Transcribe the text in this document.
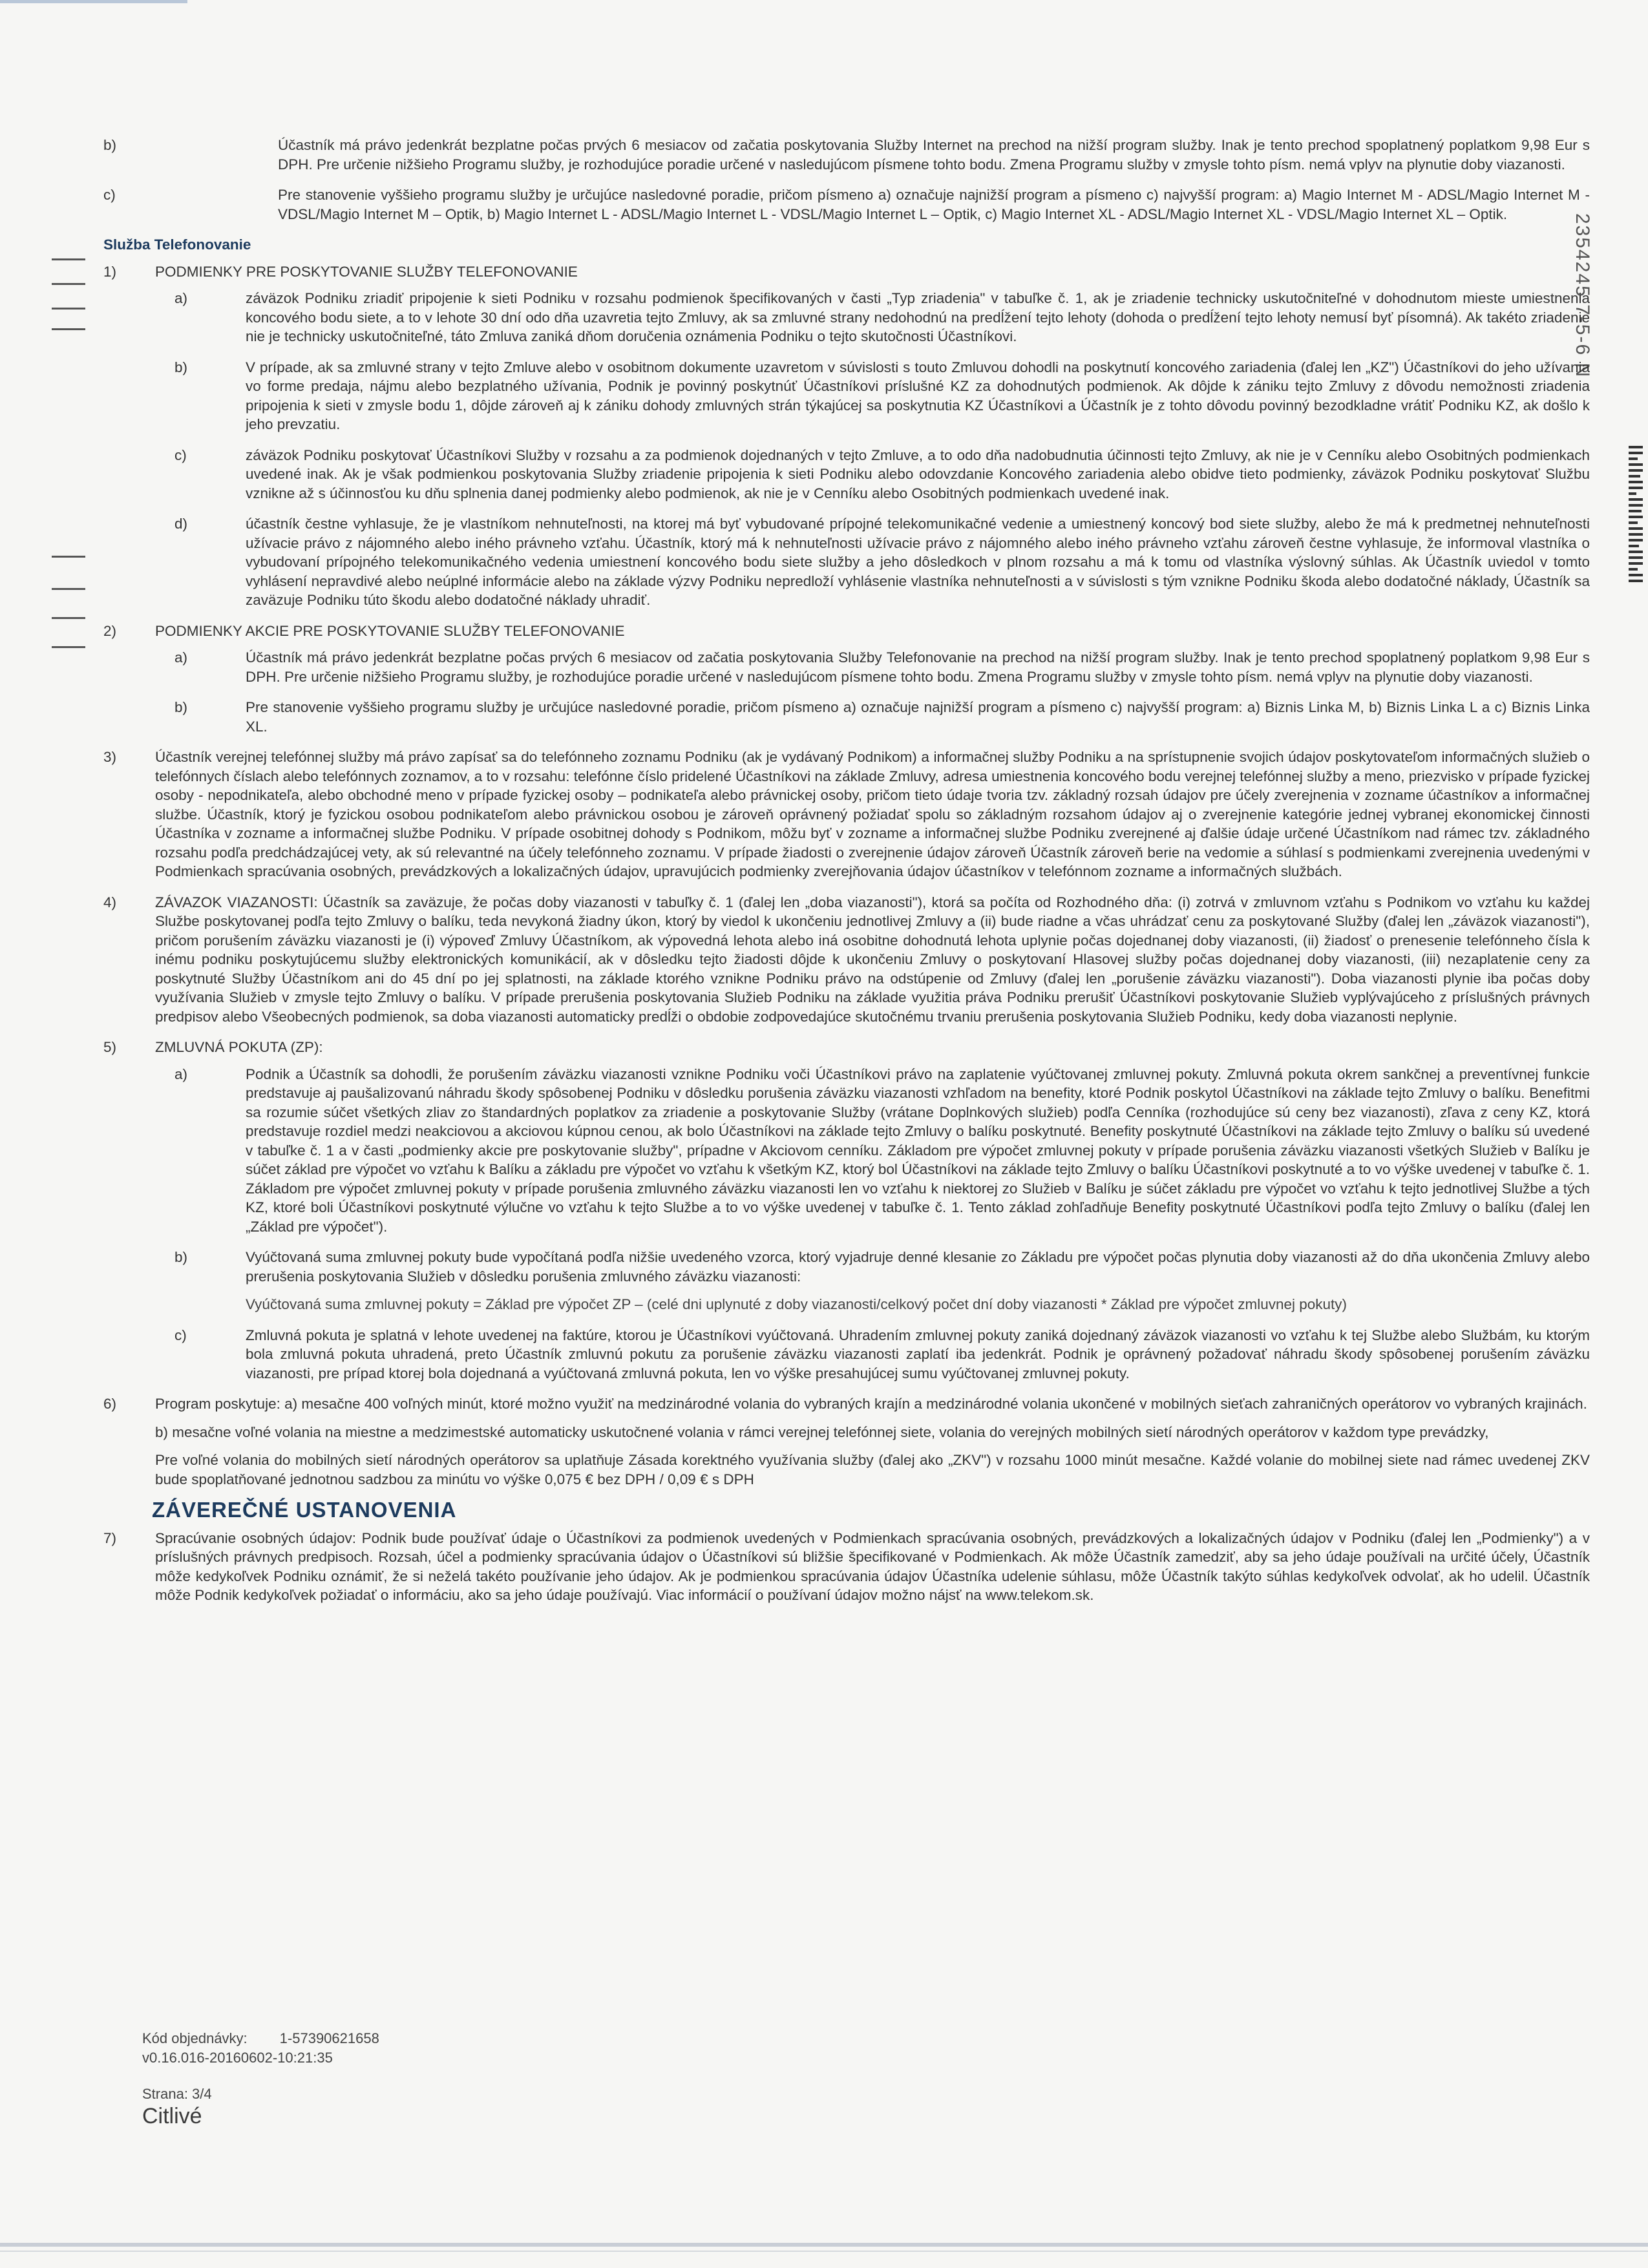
2354245 7-5-6 N
b)	Účastník má právo jedenkrát bezplatne počas prvých 6 mesiacov od začatia poskytovania Služby Internet na prechod na nižší program služby. Inak je tento prechod spoplatnený poplatkom 9,98 Eur s DPH. Pre určenie nižšieho Programu služby, je rozhodujúce poradie určené v nasledujúcom písmene tohto bodu. Zmena Programu služby v zmysle tohto písm. nemá vplyv na plynutie doby viazanosti.
c)	Pre stanovenie vyššieho programu služby je určujúce nasledovné poradie, pričom písmeno a) označuje najnižší program a písmeno c) najvyšší program: a) Magio Internet M - ADSL/Magio Internet M - VDSL/Magio Internet M – Optik, b) Magio Internet L - ADSL/Magio Internet L - VDSL/Magio Internet L – Optik, c) Magio Internet XL - ADSL/Magio Internet XL - VDSL/Magio Internet XL – Optik.
Služba Telefonovanie
1)	PODMIENKY PRE POSKYTOVANIE SLUŽBY TELEFONOVANIE
a)	záväzok Podniku zriadiť pripojenie k sieti Podniku v rozsahu podmienok špecifikovaných v časti „Typ zriadenia" v tabuľke č. 1, ak je zriadenie technicky uskutočniteľné v dohodnutom mieste umiestnenia koncového bodu siete, a to v lehote 30 dní odo dňa uzavretia tejto Zmluvy, ak sa zmluvné strany nedohodnú na predĺžení tejto lehoty (dohoda o predĺžení tejto lehoty nemusí byť písomná). Ak takéto zriadenie nie je technicky uskutočniteľné, táto Zmluva zaniká dňom doručenia oznámenia Podniku o tejto skutočnosti Účastníkovi.
b)	V prípade, ak sa zmluvné strany v tejto Zmluve alebo v osobitnom dokumente uzavretom v súvislosti s touto Zmluvou dohodli na poskytnutí koncového zariadenia (ďalej len „KZ") Účastníkovi do jeho užívania vo forme predaja, nájmu alebo bezplatného užívania, Podnik je povinný poskytnúť Účastníkovi príslušné KZ za dohodnutých podmienok. Ak dôjde k zániku tejto Zmluvy z dôvodu nemožnosti zriadenia pripojenia k sieti v zmysle bodu 1, dôjde zároveň aj k zániku dohody zmluvných strán týkajúcej sa poskytnutia KZ Účastníkovi a Účastník je z tohto dôvodu povinný bezodkladne vrátiť Podniku KZ, ak došlo k jeho prevzatiu.
c)	záväzok Podniku poskytovať Účastníkovi Služby v rozsahu a za podmienok dojednaných v tejto Zmluve, a to odo dňa nadobudnutia účinnosti tejto Zmluvy, ak nie je v Cenníku alebo Osobitných podmienkach uvedené inak. Ak je však podmienkou poskytovania Služby zriadenie pripojenia k sieti Podniku alebo odovzdanie Koncového zariadenia alebo obidve tieto podmienky, záväzok Podniku poskytovať Službu vznikne až s účinnosťou ku dňu splnenia danej podmienky alebo podmienok, ak nie je v Cenníku alebo Osobitných podmienkach uvedené inak.
d)	účastník čestne vyhlasuje, že je vlastníkom nehnuteľnosti, na ktorej má byť vybudované prípojné telekomunikačné vedenie a umiestnený koncový bod siete služby, alebo že má k predmetnej nehnuteľnosti užívacie právo z nájomného alebo iného právneho vzťahu. Účastník, ktorý má k nehnuteľnosti užívacie právo z nájomného alebo iného právneho vzťahu zároveň čestne vyhlasuje, že informoval vlastníka o vybudovaní prípojného telekomunikačného vedenia umiestnení koncového bodu siete služby a jeho dôsledkoch v plnom rozsahu a má k tomu od vlastníka výslovný súhlas. Ak Účastník uviedol v tomto vyhlásení nepravdivé alebo neúplné informácie alebo na základe výzvy Podniku nepredloží vyhlásenie vlastníka nehnuteľnosti a v súvislosti s tým vznikne Podniku škoda alebo dodatočné náklady, Účastník sa zaväzuje Podniku túto škodu alebo dodatočné náklady uhradiť.
2)	PODMIENKY AKCIE PRE POSKYTOVANIE SLUŽBY TELEFONOVANIE
a)	Účastník má právo jedenkrát bezplatne počas prvých 6 mesiacov od začatia poskytovania Služby Telefonovanie na prechod na nižší program služby. Inak je tento prechod spoplatnený poplatkom 9,98 Eur s DPH. Pre určenie nižšieho Programu služby, je rozhodujúce poradie určené v nasledujúcom písmene tohto bodu. Zmena Programu služby v zmysle tohto písm. nemá vplyv na plynutie doby viazanosti.
b)	Pre stanovenie vyššieho programu služby je určujúce nasledovné poradie, pričom písmeno a) označuje najnižší program a písmeno c) najvyšší program: a) Biznis Linka M, b) Biznis Linka L a c) Biznis Linka XL.
3)	Účastník verejnej telefónnej služby má právo zapísať sa do telefónneho zoznamu Podniku (ak je vydávaný Podnikom) a informačnej služby Podniku a na sprístupnenie svojich údajov poskytovateľom informačných služieb o telefónnych číslach alebo telefónnych zoznamov, a to v rozsahu: telefónne číslo pridelené Účastníkovi na základe Zmluvy, adresa umiestnenia koncového bodu verejnej telefónnej služby a meno, priezvisko v prípade fyzickej osoby - nepodnikateľa, alebo obchodné meno v prípade fyzickej osoby – podnikateľa alebo právnickej osoby, pričom tieto údaje tvoria tzv. základný rozsah údajov pre účely zverejnenia v zozname účastníkov a informačnej službe. Účastník, ktorý je fyzickou osobou podnikateľom alebo právnickou osobou je zároveň oprávnený požiadať spolu so základným rozsahom údajov aj o zverejnenie kategórie jednej vybranej ekonomickej činnosti Účastníka v zozname a informačnej službe Podniku. V prípade osobitnej dohody s Podnikom, môžu byť v zozname a informačnej službe Podniku zverejnené aj ďalšie údaje určené Účastníkom nad rámec tzv. základného rozsahu podľa predchádzajúcej vety, ak sú relevantné na účely telefónneho zoznamu. V prípade žiadosti o zverejnenie údajov zároveň Účastník zároveň berie na vedomie a súhlasí s podmienkami zverejnenia uvedenými v Podmienkach spracúvania osobných, prevádzkových a lokalizačných údajov, upravujúcich podmienky zverejňovania údajov účastníkov v telefónnom zozname a informačných službách.
4)	ZÁVAZOK VIAZANOSTI: Účastník sa zaväzuje, že počas doby viazanosti v tabuľky č. 1 (ďalej len „doba viazanosti"), ktorá sa počíta od Rozhodného dňa: (i) zotrvá v zmluvnom vzťahu s Podnikom vo vzťahu ku každej Službe poskytovanej podľa tejto Zmluvy o balíku, teda nevykoná žiadny úkon, ktorý by viedol k ukončeniu jednotlivej Zmluvy a (ii) bude riadne a včas uhrádzať cenu za poskytované Služby (ďalej len „záväzok viazanosti"), pričom porušením záväzku viazanosti je (i) výpoveď Zmluvy Účastníkom, ak výpovedná lehota alebo iná osobitne dohodnutá lehota uplynie počas dojednanej doby viazanosti, (ii) žiadosť o prenesenie telefónneho čísla k inému podniku poskytujúcemu služby elektronických komunikácií, ak v dôsledku tejto žiadosti dôjde k ukončeniu Zmluvy o poskytovaní Hlasovej služby počas dojednanej doby viazanosti, (iii) nezaplatenie ceny za poskytnuté Služby Účastníkom ani do 45 dní po jej splatnosti, na základe ktorého vznikne Podniku právo na odstúpenie od Zmluvy (ďalej len „porušenie záväzku viazanosti"). Doba viazanosti plynie iba počas doby využívania Služieb v zmysle tejto Zmluvy o balíku. V prípade prerušenia poskytovania Služieb Podniku na základe využitia práva Podniku prerušiť Účastníkovi poskytovanie Služieb vyplývajúceho z príslušných právnych predpisov alebo Všeobecných podmienok, sa doba viazanosti automaticky predĺži o obdobie zodpovedajúce skutočnému trvaniu prerušenia poskytovania Služieb Podniku, kedy doba viazanosti neplynie.
5)	ZMLUVNÁ POKUTA (ZP):
a)	Podnik a Účastník sa dohodli, že porušením záväzku viazanosti vznikne Podniku voči Účastníkovi právo na zaplatenie vyúčtovanej zmluvnej pokuty. Zmluvná pokuta okrem sankčnej a preventívnej funkcie predstavuje aj paušalizovanú náhradu škody spôsobenej Podniku v dôsledku porušenia záväzku viazanosti vzhľadom na benefity, ktoré Podnik poskytol Účastníkovi na základe tejto Zmluvy o balíku. Benefitmi sa rozumie súčet všetkých zliav zo štandardných poplatkov za zriadenie a poskytovanie Služby (vrátane Doplnkových služieb) podľa Cenníka (rozhodujúce sú ceny bez viazanosti), zľava z ceny KZ, ktorá predstavuje rozdiel medzi neakciovou a akciovou kúpnou cenou, ak bolo Účastníkovi na základe tejto Zmluvy o balíku poskytnuté. Benefity poskytnuté Účastníkovi na základe tejto Zmluvy o balíku sú uvedené v tabuľke č. 1 a v časti „podmienky akcie pre poskytovanie služby", prípadne v Akciovom cenníku. Základom pre výpočet zmluvnej pokuty v prípade porušenia záväzku viazanosti všetkých Služieb v Balíku je súčet základ pre výpočet vo vzťahu k Balíku a základu pre výpočet vo vzťahu k všetkým KZ, ktorý bol Účastníkovi na základe tejto Zmluvy o balíku Účastníkovi poskytnuté a to vo výške uvedenej v tabuľke č. 1. Základom pre výpočet zmluvnej pokuty v prípade porušenia zmluvného záväzku viazanosti len vo vzťahu k niektorej zo Služieb v Balíku je súčet základu pre výpočet vo vzťahu k tejto jednotlivej Službe a tých KZ, ktoré boli Účastníkovi poskytnuté výlučne vo vzťahu k tejto Službe a to vo výške uvedenej v tabuľke č. 1. Tento základ zohľadňuje Benefity poskytnuté Účastníkovi podľa tejto Zmluvy o balíku (ďalej len „Základ pre výpočet").
b)	Vyúčtovaná suma zmluvnej pokuty bude vypočítaná podľa nižšie uvedeného vzorca, ktorý vyjadruje denné klesanie zo Základu pre výpočet počas plynutia doby viazanosti až do dňa ukončenia Zmluvy alebo prerušenia poskytovania Služieb v dôsledku porušenia zmluvného záväzku viazanosti:
Vyúčtovaná suma zmluvnej pokuty = Základ pre výpočet ZP – (celé dni uplynuté z doby viazanosti/celkový počet dní doby viazanosti * Základ pre výpočet zmluvnej pokuty)
c)	Zmluvná pokuta je splatná v lehote uvedenej na faktúre, ktorou je Účastníkovi vyúčtovaná. Uhradením zmluvnej pokuty zaniká dojednaný záväzok viazanosti vo vzťahu k tej Službe alebo Službám, ku ktorým bola zmluvná pokuta uhradená, preto Účastník zmluvnú pokutu za porušenie záväzku viazanosti zaplatí iba jedenkrát. Podnik je oprávnený požadovať náhradu škody spôsobenej porušením záväzku viazanosti, pre prípad ktorej bola dojednaná a vyúčtovaná zmluvná pokuta, len vo výške presahujúcej sumu vyúčtovanej zmluvnej pokuty.
6)	Program poskytuje: a) mesačne 400 voľných minút, ktoré možno využiť na medzinárodné volania do vybraných krajín a medzinárodné volania ukončené v mobilných sieťach zahraničných operátorov vo vybraných krajinách.
b) mesačne voľné volania na miestne a medzimestské automaticky uskutočnené volania v rámci verejnej telefónnej siete, volania do verejných mobilných sietí národných operátorov v každom type prevádzky,
Pre voľné volania do mobilných sietí národných operátorov sa uplatňuje Zásada korektného využívania služby (ďalej ako „ZKV") v rozsahu 1000 minút mesačne. Každé volanie do mobilnej siete nad rámec uvedenej ZKV bude spoplatňované jednotnou sadzbou za minútu vo výške 0,075 € bez DPH / 0,09 € s DPH
ZÁVEREČNÉ USTANOVENIA
7)	Spracúvanie osobných údajov: Podnik bude používať údaje o Účastníkovi za podmienok uvedených v Podmienkach spracúvania osobných, prevádzkových a lokalizačných údajov v Podniku (ďalej len „Podmienky") a v príslušných právnych predpisoch. Rozsah, účel a podmienky spracúvania údajov o Účastníkovi sú bližšie špecifikované v Podmienkach. Ak môže Účastník zamedziť, aby sa jeho údaje používali na určité účely, Účastník môže kedykoľvek Podniku oznámiť, že si neželá takéto používanie jeho údajov. Ak je podmienkou spracúvania údajov Účastníka udelenie súhlasu, môže Účastník takýto súhlas kedykoľvek odvolať, ak ho udelil. Účastník môže Podnik kedykoľvek požiadať o informáciu, ako sa jeho údaje používajú. Viac informácií o používaní údajov možno nájsť na www.telekom.sk.
Kód objednávky: 1-57390621658
v0.16.016-20160602-10:21:35
Strana: 3/4
Citlivé
